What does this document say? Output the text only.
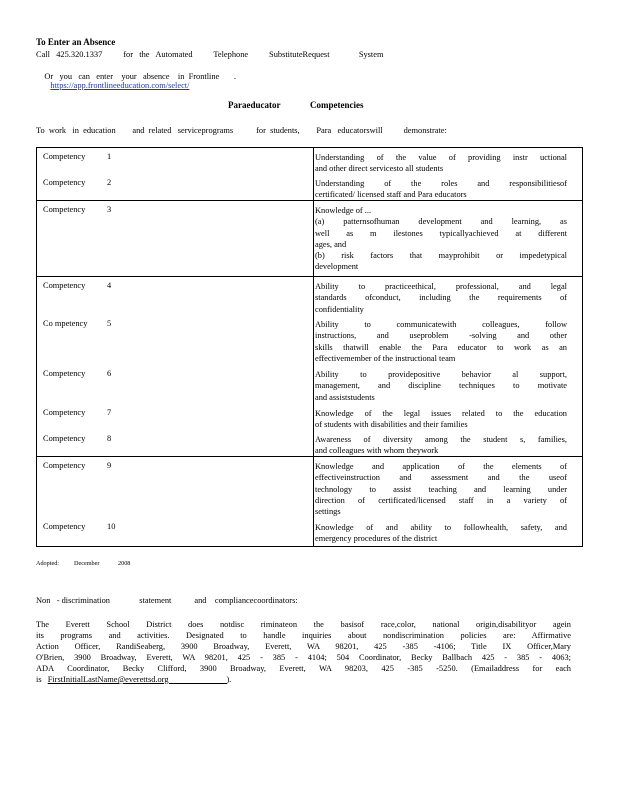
To Enter an Absence
Call   425.320.1337          for   the   Automated          Telephone          SubstituteRequest              System

Or   you   can   enter    your   absence    in  Frontline       .
https://app.frontlineeducation.com/select/

Paraeducator	Competencies
To  work   in  education        and  related   serviceprograms           for  students,        Para   educatorswill          demonstrate:
Competency	1	Understanding of the value of providing instr uctional
and other direct servicesto all students
Competency	2	Understanding of the roles and responsibilitiesof
certificated/ licensed staff and Para educators
Competency	3	Knowledge of ...
(a) patternsofhuman development and learning, as
well as m ilestones typicallyachieved at different
ages, and
(b) risk factors that mayprohibit or impedetypical
development
Competency	4	Ability to practiceethical, professional, and legal
standards ofconduct, including the requirements of
confidentiality
Co mpetency 5	Ability to communicatewith colleagues, follow
instructions, and useproblem -solving and other
skills thatwill enable the Para educator to work as an
effectivemember of the instructional team
Competency	6	Ability to providepositive behavior al support,
management, and discipline techniques to motivate
and assiststudents
Competency	7	Knowledge of the legal issues related to the education
of students with disabilities and their families
Competency	8	Awareness of diversity among the student s, families,
and colleagues with whom theywork
Competency	9	Knowledge and application of the elements of
effectiveinstruction and assessment and the useof
technology to assist teaching and learning under
direction of certificated/licensed staff in a variety of
settings
Competency	10	Knowledge of and ability to followhealth, safety, and
emergency procedures of the district
Adopted: December	2008
Non   - discrimination              statement           and    compliancecoordinators:
The Everett School District does notdisc riminateon the basisof race,color, national origin,disabilityor agein
its programs and activities. Designated to handle inquiries about nondiscrimination policies are: Affirmative
Action Officer, RandiSeaberg, 3900 Broadway, Everett, WA 98201, 425 -385 -4106; Title IX Officer,Mary
O'Brien, 3900 Broadway, Everett, WA 98201, 425 - 385 - 4104; 504 Coordinator, Becky Ballbach 425 - 385 - 4063;
ADA Coordinator, Becky Clifford, 3900 Broadway, Everett, WA 98203, 425 -385 -5250. (Emailaddress for each
is FirstInitialLastName@everettsd.org	).
